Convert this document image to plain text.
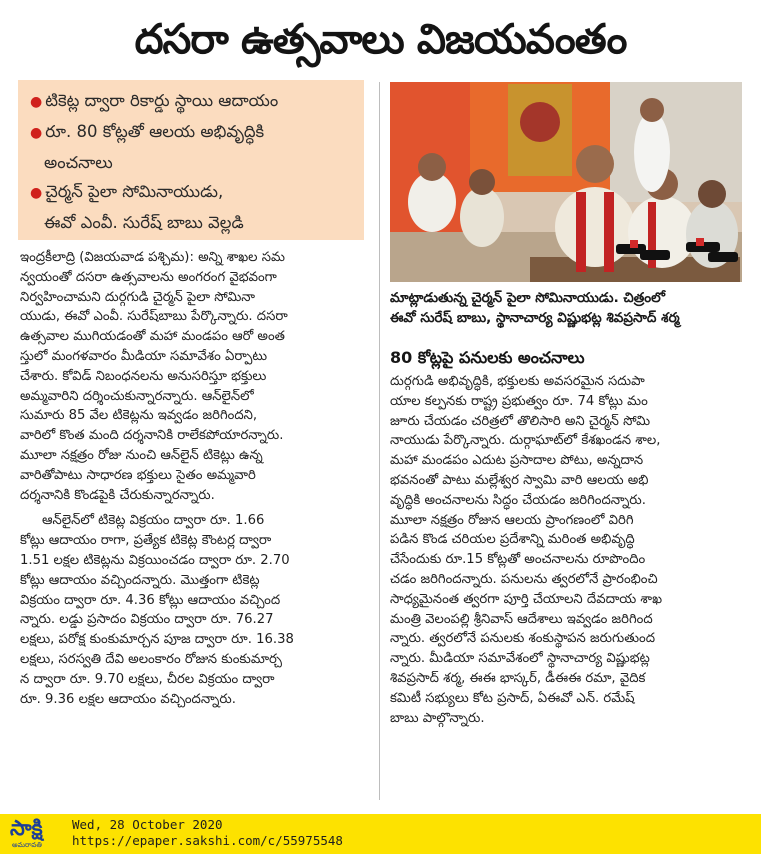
దసరా ఉత్సవాలు విజయవంతం
● టికెట్ల ద్వారా రికార్డు స్థాయి ఆదాయం
● రూ. 80 కోట్లతో ఆలయ అభివృద్ధికి
అంచనాలు
● చైర్మన్ పైలా సోమినాయుడు,
ఈవో ఎంవీ. సురేష్ బాబు వెల్లడి

ఇంద్రకీలాద్రి (విజయవాడ పశ్చిమ): అన్ని శాఖల సమ

న్వయంతో దసరా ఉత్సవాలను అంగరంగ వైభవంగా

నిర్వహించామని దుర్గగుడి చైర్మన్ పైలా సోమినా

యుడు, ఈవో ఎంవీ. సురేష్‌బాబు పేర్కొన్నారు. దసరా

ఉత్సవాల ముగియడంతో మహా మండపం ఆరో అంత

స్తులో మంగళవారం మీడియా సమావేశం ఏర్పాటు

చేశారు. కోవిడ్ నిబంధనలను అనుసరిస్తూ భక్తులు

అమ్మవారిని దర్శించుకున్నారన్నారు. ఆన్‌లైన్‌లో

సుమారు 85 వేల టికెట్లను ఇవ్వడం జరిగిందని,

వారిలో కొంత మంది దర్శనానికి రాలేకపోయారన్నారు.

మూలా నక్షత్రం రోజు నుంచి ఆన్‌లైన్ టికెట్లు ఉన్న

వారితోపాటు సాధారణ భక్తులు సైతం అమ్మవారి

దర్శనానికి కొండపైకి చేరుకున్నారన్నారు.

ఆన్‌లైన్‌లో టికెట్ల విక్రయం ద్వారా రూ. 1.66

కోట్లు ఆదాయం రాగా, ప్రత్యేక టికెట్ల కౌంటర్ల ద్వారా

1.51 లక్షల టికెట్లను విక్రయించడం ద్వారా రూ. 2.70

కోట్లు ఆదాయం వచ్చిందన్నారు. మొత్తంగా టికెట్ల

విక్రయం ద్వారా రూ. 4.36 కోట్లు ఆదాయం వచ్చింద

న్నారు. లడ్డు ప్రసాదం విక్రయం ద్వారా రూ. 76.27

లక్షలు, పరోక్ష కుంకుమార్చన పూజ ద్వారా రూ. 16.38

లక్షలు, సరస్వతి దేవి అలంకారం రోజున కుంకుమార్చ

న ద్వారా రూ. 9.70 లక్షలు, చీరల విక్రయం ద్వారా

రూ. 9.36 లక్షల ఆదాయం వచ్చిందన్నారు.

మాట్లాడుతున్న చైర్మన్ పైలా సోమినాయుడు. చిత్రంలో

ఈవో సురేష్ బాబు, స్థానాచార్య విష్ణుభట్ల శివప్రసాద్ శర్మ

80 కోట్లపై పనులకు అంచనాలు

దుర్గగుడి అభివృద్ధికి, భక్తులకు అవసరమైన సదుపా

యాల కల్పనకు రాష్ట్ర ప్రభుత్వం రూ. 74 కోట్లు మం

జూరు చేయడం చరిత్రలో తొలిసారి అని చైర్మన్ సోమి

నాయుడు పేర్కొన్నారు. దుర్గాఘాట్‌లో కేశఖండన శాల,

మహా మండపం ఎదుట ప్రసాదాల పోటు, అన్నదాన

భవనంతో పాటు మల్లేశ్వర స్వామి వారి ఆలయ అభి

వృద్ధికి అంచనాలను సిద్ధం చేయడం జరిగిందన్నారు.

మూలా నక్షత్రం రోజున ఆలయ ప్రాంగణంలో విరిగి

పడిన కొండ చరియల ప్రదేశాన్ని మరింత అభివృద్ధి

చేసేందుకు రూ.15 కోట్లతో అంచనాలను రూపొందిం

చడం జరిగిందన్నారు. పనులను త్వరలోనే ప్రారంభించి

సాధ్యమైనంత త్వరగా పూర్తి చేయాలని దేవదాయ శాఖ

మంత్రి వెలంపల్లి శ్రీనివాస్ ఆదేశాలు ఇవ్వడం జరిగింద

న్నారు. త్వరలోనే పనులకు శంకుస్థాపన జరుగుతుంద

న్నారు. మీడియా సమావేశంలో స్థానాచార్య విష్ణుభట్ల

శివప్రసాద్ శర్మ, ఈఈ భాస్కర్, డీఈఈ రమా, వైదిక

కమిటీ సభ్యులు కోట ప్రసాద్, ఏఈవో ఎన్. రమేష్

బాబు పాల్గొన్నారు.

సాక్షి
అమరావతి
Wed, 28 October 2020
https://epaper.sakshi.com/c/55975548
